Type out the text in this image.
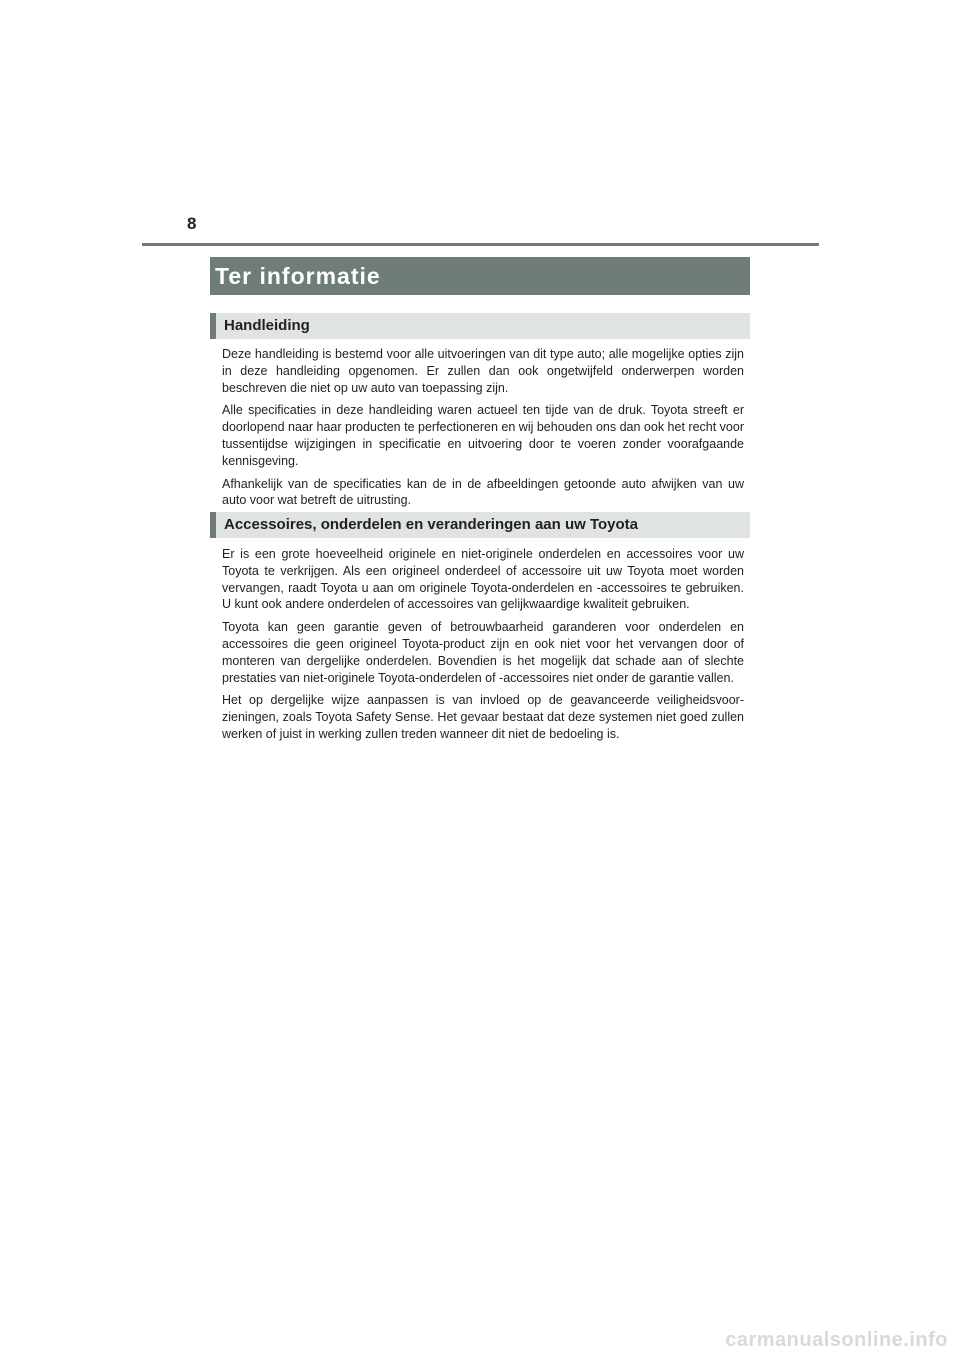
8
Ter informatie
Handleiding

Deze handleiding is bestemd voor alle uitvoeringen van dit type auto; alle mogelijke opties zijn in deze handleiding opgenomen. Er zullen dan ook ongetwijfeld onderwerpen worden beschreven die niet op uw auto van toepassing zijn.

Alle specificaties in deze handleiding waren actueel ten tijde van de druk. Toyota streeft er doorlopend naar haar producten te perfectioneren en wij behouden ons dan ook het recht voor tussentijdse wijzigingen in specificatie en uitvoering door te voeren zonder voorafgaande kennisgeving.

Afhankelijk van de specificaties kan de in de afbeeldingen getoonde auto afwijken van uw auto voor wat betreft de uitrusting.

Accessoires, onderdelen en veranderingen aan uw Toyota

Er is een grote hoeveelheid originele en niet-originele onderdelen en accessoires voor uw Toyota te verkrijgen. Als een origineel onderdeel of accessoire uit uw Toyota moet worden vervangen, raadt Toyota u aan om originele Toyota-onderdelen en -accessoires te gebruiken. U kunt ook andere onderdelen of accessoires van gelijkwaardige kwaliteit gebruiken.

Toyota kan geen garantie geven of betrouwbaarheid garanderen voor onderdelen en accessoires die geen origineel Toyota-product zijn en ook niet voor het vervangen door of monteren van dergelijke onderdelen. Bovendien is het mogelijk dat schade aan of slechte prestaties van niet-originele Toyota-onderdelen of -accessoires niet onder de garantie vallen.

Het op dergelijke wijze aanpassen is van invloed op de geavanceerde veiligheidsvoor-zieningen, zoals Toyota Safety Sense. Het gevaar bestaat dat deze systemen niet goed zullen werken of juist in werking zullen treden wanneer dit niet de bedoeling is.

carmanualsonline.info
